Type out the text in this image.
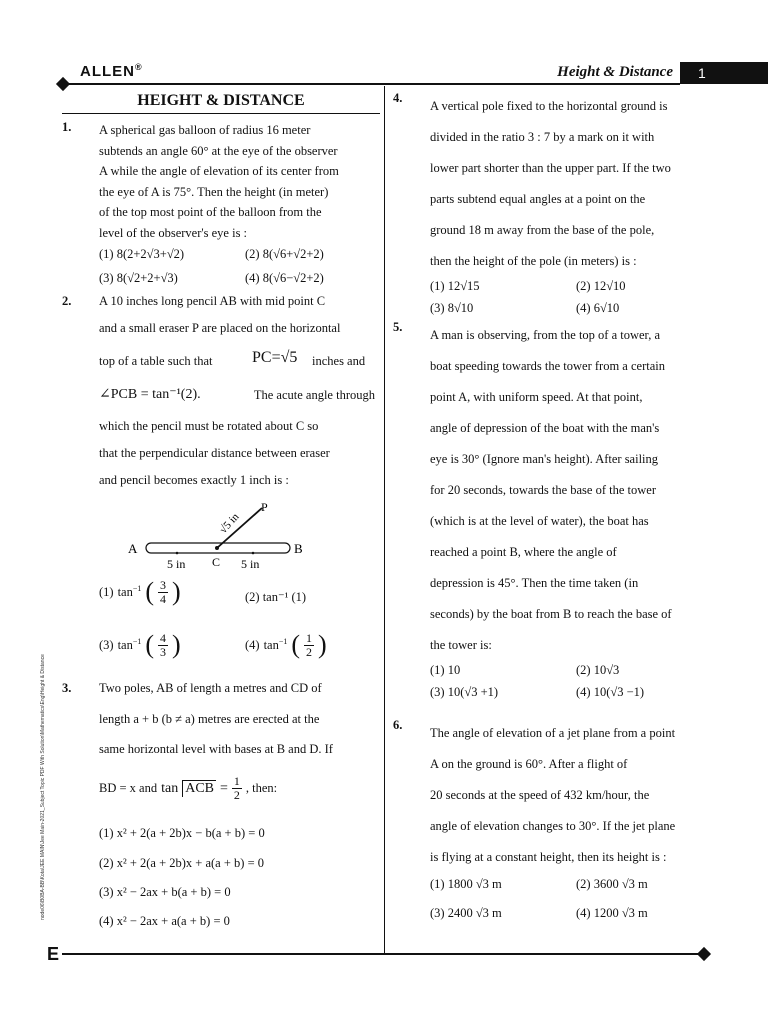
ALLEN®	Height & Distance	1
E
node06\B0BA-BB\Kota\JEE MAIN\Jee Main-2021_Subject Topic PDF With Solution\Mathematics\Eng\Height & Distance
HEIGHT & DISTANCE
1. A spherical gas balloon of radius 16 meter
subtends an angle 60° at the eye of the observer
A while the angle of elevation of its center from
the eye of A is 75°. Then the height (in meter)
of the top most point of the balloon from the
level of the observer's eye is :
(1) 8(2+2√3+√2)	(2) 8(√6+√2+2)
(3) 8(√2+2+√3)	(4) 8(√6−√2+2)
2. A 10 inches long pencil AB with mid point C
and a small eraser P are placed on the horizontal
top of a table such that PC=√5 inches and
∠PCB = tan⁻¹(2).	The acute angle through
which the pencil must be rotated about C so
that the perpendicular distance between eraser
and pencil becomes exactly 1 inch is :
A	B
C
P
5 in	5 in
√5 in
(1) $\tan^{-1}$ ( $\frac{3}{4}$ )	(2) tan⁻¹ (1)
(3) $\tan^{-1}$ ( $\frac{4}{3}$ )	(4) $\tan^{-1}$ ( $\frac{1}{2}$ )
3. Two poles, AB of length a metres and CD of
length a + b (b ≠ a) metres are erected at the
same horizontal level with bases at B and D. If
BD = x and tan ACB = $\frac{1}{2}$ , then:
(1) x² + 2(a + 2b)x − b(a + b) = 0
(2) x² + 2(a + 2b)x + a(a + b) = 0
(3) x² − 2ax + b(a + b) = 0
(4) x² − 2ax + a(a + b) = 0
4.
A vertical pole fixed to the horizontal ground is
divided in the ratio 3 : 7 by a mark on it with
lower part shorter than the upper part. If the two
parts subtend equal angles at a point on the
ground 18 m away from the base of the pole,
then the height of the pole (in meters) is :
(1) 12√15	(2) 12√10
(3) 8√10	(4) 6√10
5.
A man is observing, from the top of a tower, a
boat speeding towards the tower from a certain
point A, with uniform speed. At that point,
angle of depression of the boat with the man's
eye is 30° (Ignore man's height). After sailing
for 20 seconds, towards the base of the tower
(which is at the level of water), the boat has
reached a point B, where the angle of
depression is 45°. Then the time taken (in
seconds) by the boat from B to reach the base of
the tower is:
(1) 10	(2) 10√3
(3) 10(√3 +1)	(4) 10(√3 −1)
6.
The angle of elevation of a jet plane from a point
A on the ground is 60°. After a flight of
20 seconds at the speed of 432 km/hour, the
angle of elevation changes to 30°. If the jet plane
is flying at a constant height, then its height is :
(1) 1800 √3 m	(2) 3600 √3 m
(3) 2400 √3 m	(4) 1200 √3 m
